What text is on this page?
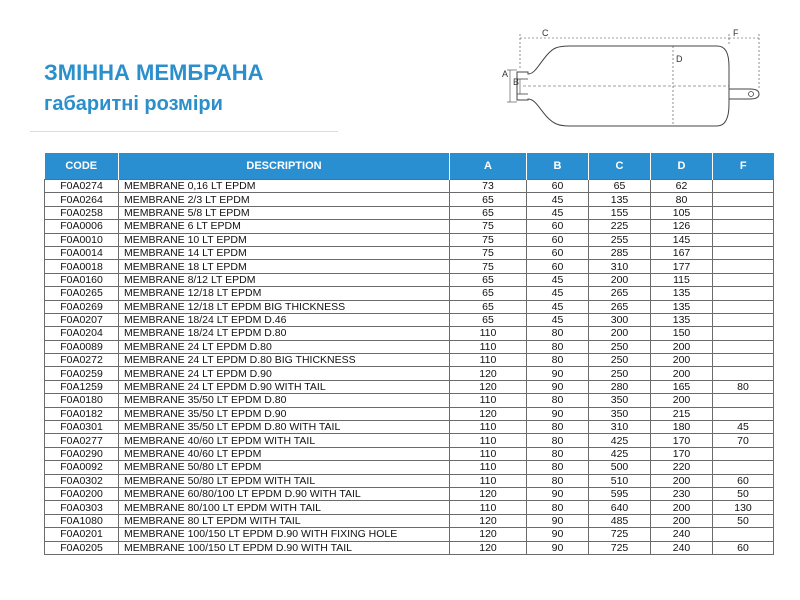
ЗМІННА МЕМБРАНА
габаритні розміри
C	F
D
A
B
CODE	DESCRIPTION	A	B	C	D	F
F0A0274	MEMBRANE 0,16 LT EPDM	73	60	65	62	
F0A0264	MEMBRANE 2/3 LT EPDM	65	45	135	80	
F0A0258	MEMBRANE 5/8 LT EPDM	65	45	155	105	
F0A0006	MEMBRANE 6 LT EPDM	75	60	225	126	
F0A0010	MEMBRANE 10 LT EPDM	75	60	255	145	
F0A0014	MEMBRANE 14 LT EPDM	75	60	285	167	
F0A0018	MEMBRANE 18 LT EPDM	75	60	310	177	
F0A0160	MEMBRANE 8/12 LT EPDM	65	45	200	115	
F0A0265	MEMBRANE 12/18 LT EPDM	65	45	265	135	
F0A0269	MEMBRANE 12/18 LT EPDM BIG THICKNESS	65	45	265	135	
F0A0207	MEMBRANE 18/24 LT EPDM D.46	65	45	300	135	
F0A0204	MEMBRANE 18/24 LT EPDM D.80	110	80	200	150	
F0A0089	MEMBRANE 24 LT EPDM D.80	110	80	250	200	
F0A0272	MEMBRANE 24 LT EPDM D.80 BIG THICKNESS	110	80	250	200	
F0A0259	MEMBRANE 24 LT EPDM D.90	120	90	250	200	
F0A1259	MEMBRANE 24 LT EPDM D.90 WITH TAIL	120	90	280	165	80
F0A0180	MEMBRANE 35/50 LT EPDM D.80	110	80	350	200	
F0A0182	MEMBRANE 35/50 LT EPDM D.90	120	90	350	215	
F0A0301	MEMBRANE 35/50 LT EPDM D.80 WITH TAIL	110	80	310	180	45
F0A0277	MEMBRANE 40/60 LT EPDM WITH TAIL	110	80	425	170	70
F0A0290	MEMBRANE 40/60 LT EPDM	110	80	425	170	
F0A0092	MEMBRANE 50/80 LT EPDM	110	80	500	220	
F0A0302	MEMBRANE 50/80 LT EPDM WITH TAIL	110	80	510	200	60
F0A0200	MEMBRANE 60/80/100 LT EPDM D.90 WITH TAIL	120	90	595	230	50
F0A0303	MEMBRANE 80/100 LT EPDM WITH TAIL	110	80	640	200	130
F0A1080	MEMBRANE 80 LT EPDM WITH TAIL	120	90	485	200	50
F0A0201	MEMBRANE 100/150 LT EPDM D.90 WITH FIXING HOLE	120	90	725	240	
F0A0205	MEMBRANE 100/150 LT EPDM D.90 WITH TAIL	120	90	725	240	60
